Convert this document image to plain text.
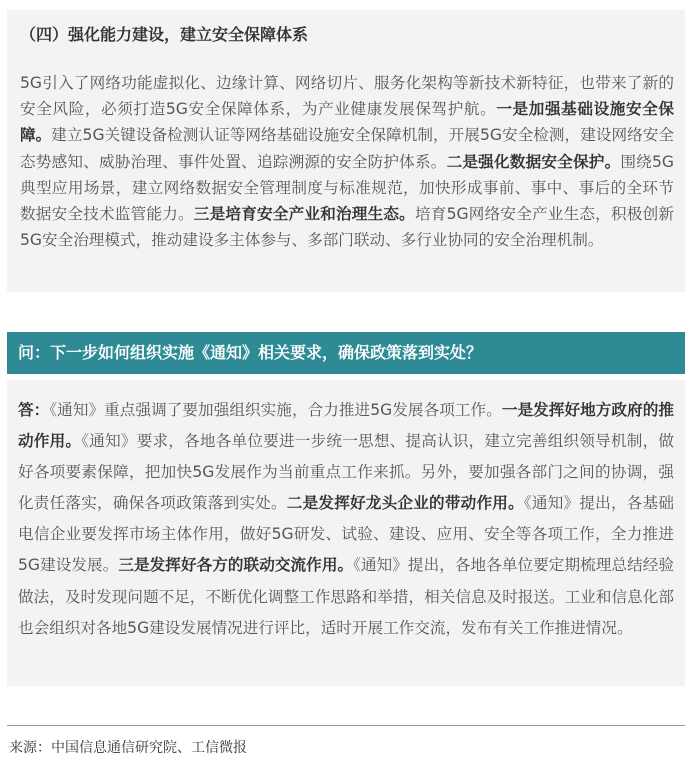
（四）强化能力建设，建立安全保障体系

5G引入了网络功能虚拟化、边缘计算、网络切片、服务化架构等新技术新特征，也带来了新的安全风险，必须打造5G安全保障体系，为产业健康发展保驾护航。一是加强基础设施安全保障。建立5G关键设备检测认证等网络基础设施安全保障机制，开展5G安全检测，建设网络安全态势感知、威胁治理、事件处置、追踪溯源的安全防护体系。二是强化数据安全保护。围绕5G典型应用场景，建立网络数据安全管理制度与标准规范，加快形成事前、事中、事后的全环节数据安全技术监管能力。三是培育安全产业和治理生态。培育5G网络安全产业生态，积极创新5G安全治理模式，推动建设多主体参与、多部门联动、多行业协同的安全治理机制。

问：下一步如何组织实施《通知》相关要求，确保政策落到实处？

答：《通知》重点强调了要加强组织实施，合力推进5G发展各项工作。一是发挥好地方政府的推动作用。《通知》要求，各地各单位要进一步统一思想、提高认识，建立完善组织领导机制，做好各项要素保障，把加快5G发展作为当前重点工作来抓。另外，要加强各部门之间的协调，强化责任落实，确保各项政策落到实处。二是发挥好龙头企业的带动作用。《通知》提出，各基础电信企业要发挥市场主体作用，做好5G研发、试验、建设、应用、安全等各项工作，全力推进5G建设发展。三是发挥好各方的联动交流作用。《通知》提出，各地各单位要定期梳理总结经验做法，及时发现问题不足，不断优化调整工作思路和举措，相关信息及时报送。工业和信息化部也会组织对各地5G建设发展情况进行评比，适时开展工作交流，发布有关工作推进情况。

来源：中国信息通信研究院、工信微报
